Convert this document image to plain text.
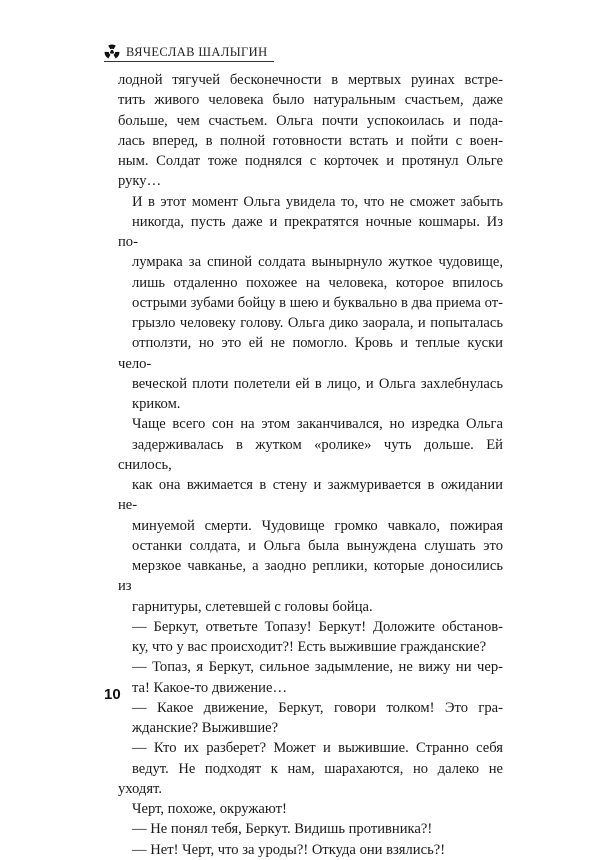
ВЯЧЕСЛАВ ШАЛЫГИН

лодной тягучей бесконечности в мертвых руинах встре-
тить живого человека было натуральным счастьем, даже
больше, чем счастьем. Ольга почти успокоилась и пода-
лась вперед, в полной готовности встать и пойти с воен-
ным. Солдат тоже поднялся с корточек и протянул Ольге
руку…

И в этот момент Ольга увидела то, что не сможет забыть
никогда, пусть даже и прекратятся ночные кошмары. Из по-
лумрака за спиной солдата вынырнуло жуткое чудовище,
лишь отдаленно похожее на человека, которое впилось
острыми зубами бойцу в шею и буквально в два приема от-
грызло человеку голову. Ольга дико заорала, и попыталась
отползти, но это ей не помогло. Кровь и теплые куски чело-
веческой плоти полетели ей в лицо, и Ольга захлебнулась
криком.

Чаще всего сон на этом заканчивался, но изредка Ольга
задерживалась в жутком «ролике» чуть дольше. Ей снилось,
как она вжимается в стену и зажмуривается в ожидании не-
минуемой смерти. Чудовище громко чавкало, пожирая
останки солдата, и Ольга была вынуждена слушать это
мерзкое чавканье, а заодно реплики, которые доносились из
гарнитуры, слетевшей с головы бойца.

— Беркут, ответьте Топазу! Беркут! Доложите обстанов-
ку, что у вас происходит?! Есть выжившие гражданские?

— Топаз, я Беркут, сильное задымление, не вижу ни чер-
та! Какое-то движение…

— Какое движение, Беркут, говори толком! Это гра-
жданские? Выжившие?

— Кто их разберет? Может и выжившие. Странно себя
ведут. Не подходят к нам, шарахаются, но далеко не уходят.
Черт, похоже, окружают!

— Не понял тебя, Беркут. Видишь противника?!

— Нет! Черт, что за уроды?! Откуда они взялись?!

10
